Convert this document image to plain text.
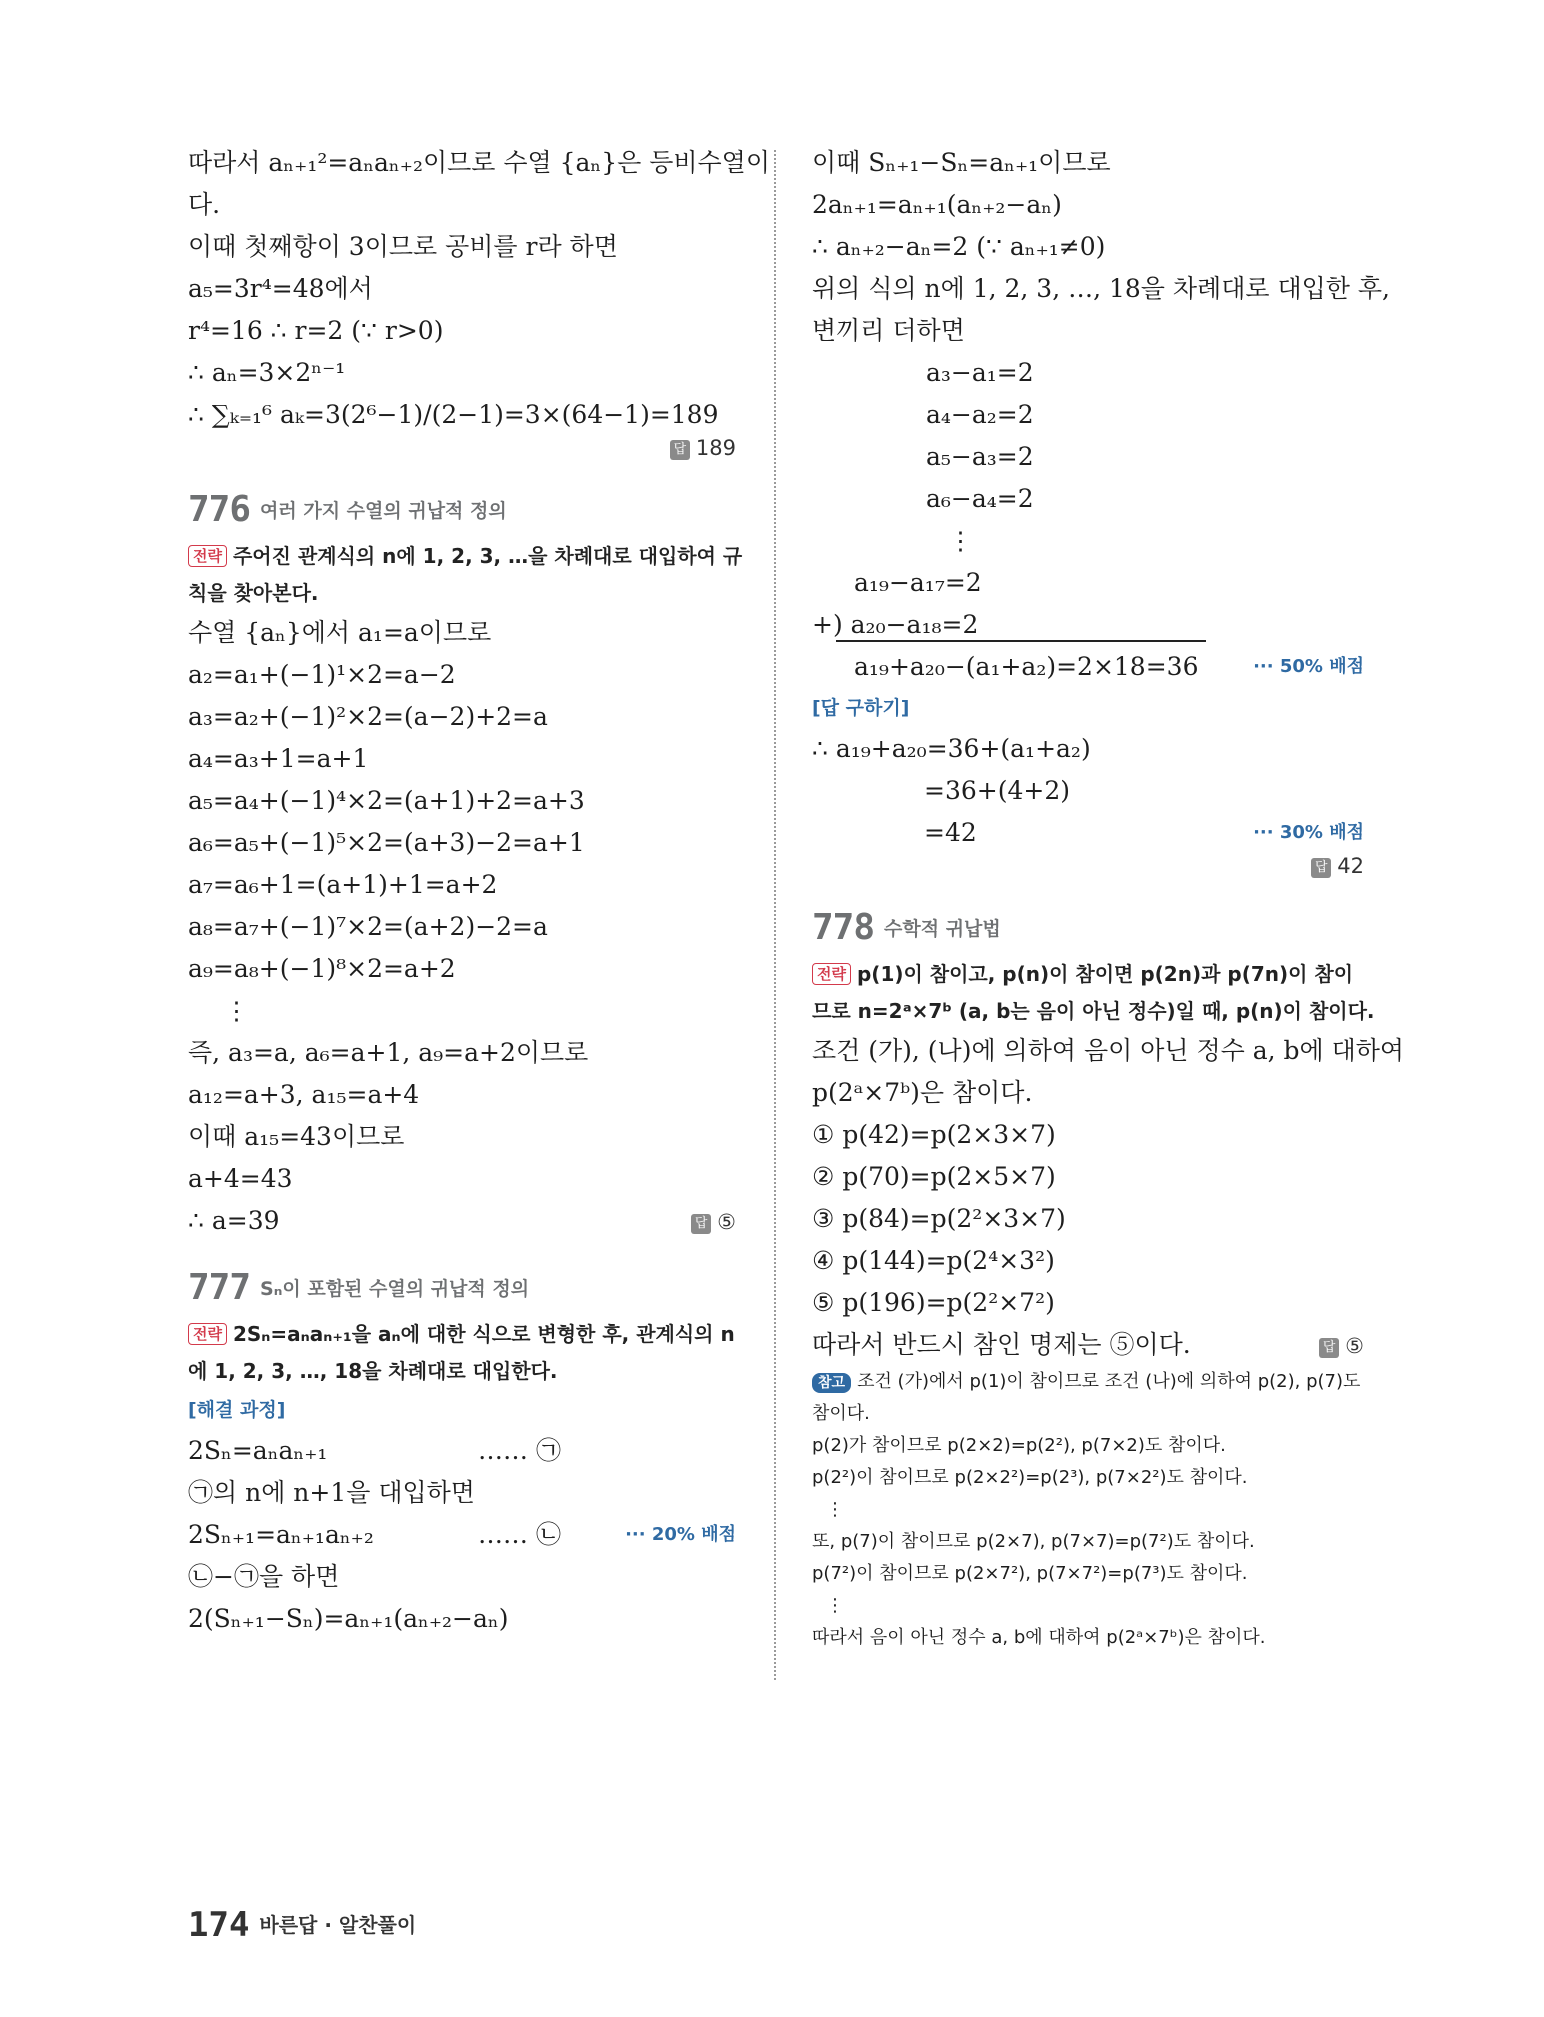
따라서 aₙ₊₁²=aₙaₙ₊₂이므로 수열 {aₙ}은 등비수열이
다.
이때 첫째항이 3이므로 공비를 r라 하면
a₅=3r⁴=48에서
r⁴=16 ∴ r=2 (∵ r>0)
∴ aₙ=3×2ⁿ⁻¹
∴ ∑ₖ₌₁⁶ aₖ=3(2⁶−1)/(2−1)=3×(64−1)=189
답 189
776 여러 가지 수열의 귀납적 정의
전략 주어진 관계식의 n에 1, 2, 3, …을 차례대로 대입하여 규
칙을 찾아본다.
수열 {aₙ}에서 a₁=a이므로
a₂=a₁+(−1)¹×2=a−2
a₃=a₂+(−1)²×2=(a−2)+2=a
a₄=a₃+1=a+1
a₅=a₄+(−1)⁴×2=(a+1)+2=a+3
a₆=a₅+(−1)⁵×2=(a+3)−2=a+1
a₇=a₆+1=(a+1)+1=a+2
a₈=a₇+(−1)⁷×2=(a+2)−2=a
a₉=a₈+(−1)⁸×2=a+2
⋮
즉, a₃=a, a₆=a+1, a₉=a+2이므로
a₁₂=a+3, a₁₅=a+4
이때 a₁₅=43이므로
a+4=43
∴ a=39	답 ⑤
777 Sₙ이 포함된 수열의 귀납적 정의
전략 2Sₙ=aₙaₙ₊₁을 aₙ에 대한 식으로 변형한 후, 관계식의 n
에 1, 2, 3, …, 18을 차례대로 대입한다.
[해결 과정]
2Sₙ=aₙaₙ₊₁	…… ㉠
㉠의 n에 n+1을 대입하면
2Sₙ₊₁=aₙ₊₁aₙ₊₂	…… ㉡	··· 20% 배점
㉡−㉠을 하면
2(Sₙ₊₁−Sₙ)=aₙ₊₁(aₙ₊₂−aₙ)
이때 Sₙ₊₁−Sₙ=aₙ₊₁이므로
2aₙ₊₁=aₙ₊₁(aₙ₊₂−aₙ)
∴ aₙ₊₂−aₙ=2 (∵ aₙ₊₁≠0)
위의 식의 n에 1, 2, 3, …, 18을 차례대로 대입한 후,
변끼리 더하면
a₃−a₁=2
a₄−a₂=2
a₅−a₃=2
a₆−a₄=2
⋮
a₁₉−a₁₇=2
+) a₂₀−a₁₈=2
a₁₉+a₂₀−(a₁+a₂)=2×18=36	··· 50% 배점
[답 구하기]
∴ a₁₉+a₂₀=36+(a₁+a₂)
=36+(4+2)
=42	··· 30% 배점
답 42
778 수학적 귀납법
전략 p(1)이 참이고, p(n)이 참이면 p(2n)과 p(7n)이 참이
므로 n=2ᵃ×7ᵇ (a, b는 음이 아닌 정수)일 때, p(n)이 참이다.
조건 (가), (나)에 의하여 음이 아닌 정수 a, b에 대하여
p(2ᵃ×7ᵇ)은 참이다.
① p(42)=p(2×3×7)
② p(70)=p(2×5×7)
③ p(84)=p(2²×3×7)
④ p(144)=p(2⁴×3²)
⑤ p(196)=p(2²×7²)
따라서 반드시 참인 명제는 ⑤이다.	답 ⑤
참고 조건 (가)에서 p(1)이 참이므로 조건 (나)에 의하여 p(2), p(7)도
참이다.
p(2)가 참이므로 p(2×2)=p(2²), p(7×2)도 참이다.
p(2²)이 참이므로 p(2×2²)=p(2³), p(7×2²)도 참이다.
⋮
또, p(7)이 참이므로 p(2×7), p(7×7)=p(7²)도 참이다.
p(7²)이 참이므로 p(2×7²), p(7×7²)=p(7³)도 참이다.
⋮
따라서 음이 아닌 정수 a, b에 대하여 p(2ᵃ×7ᵇ)은 참이다.
174 바른답 · 알찬풀이
